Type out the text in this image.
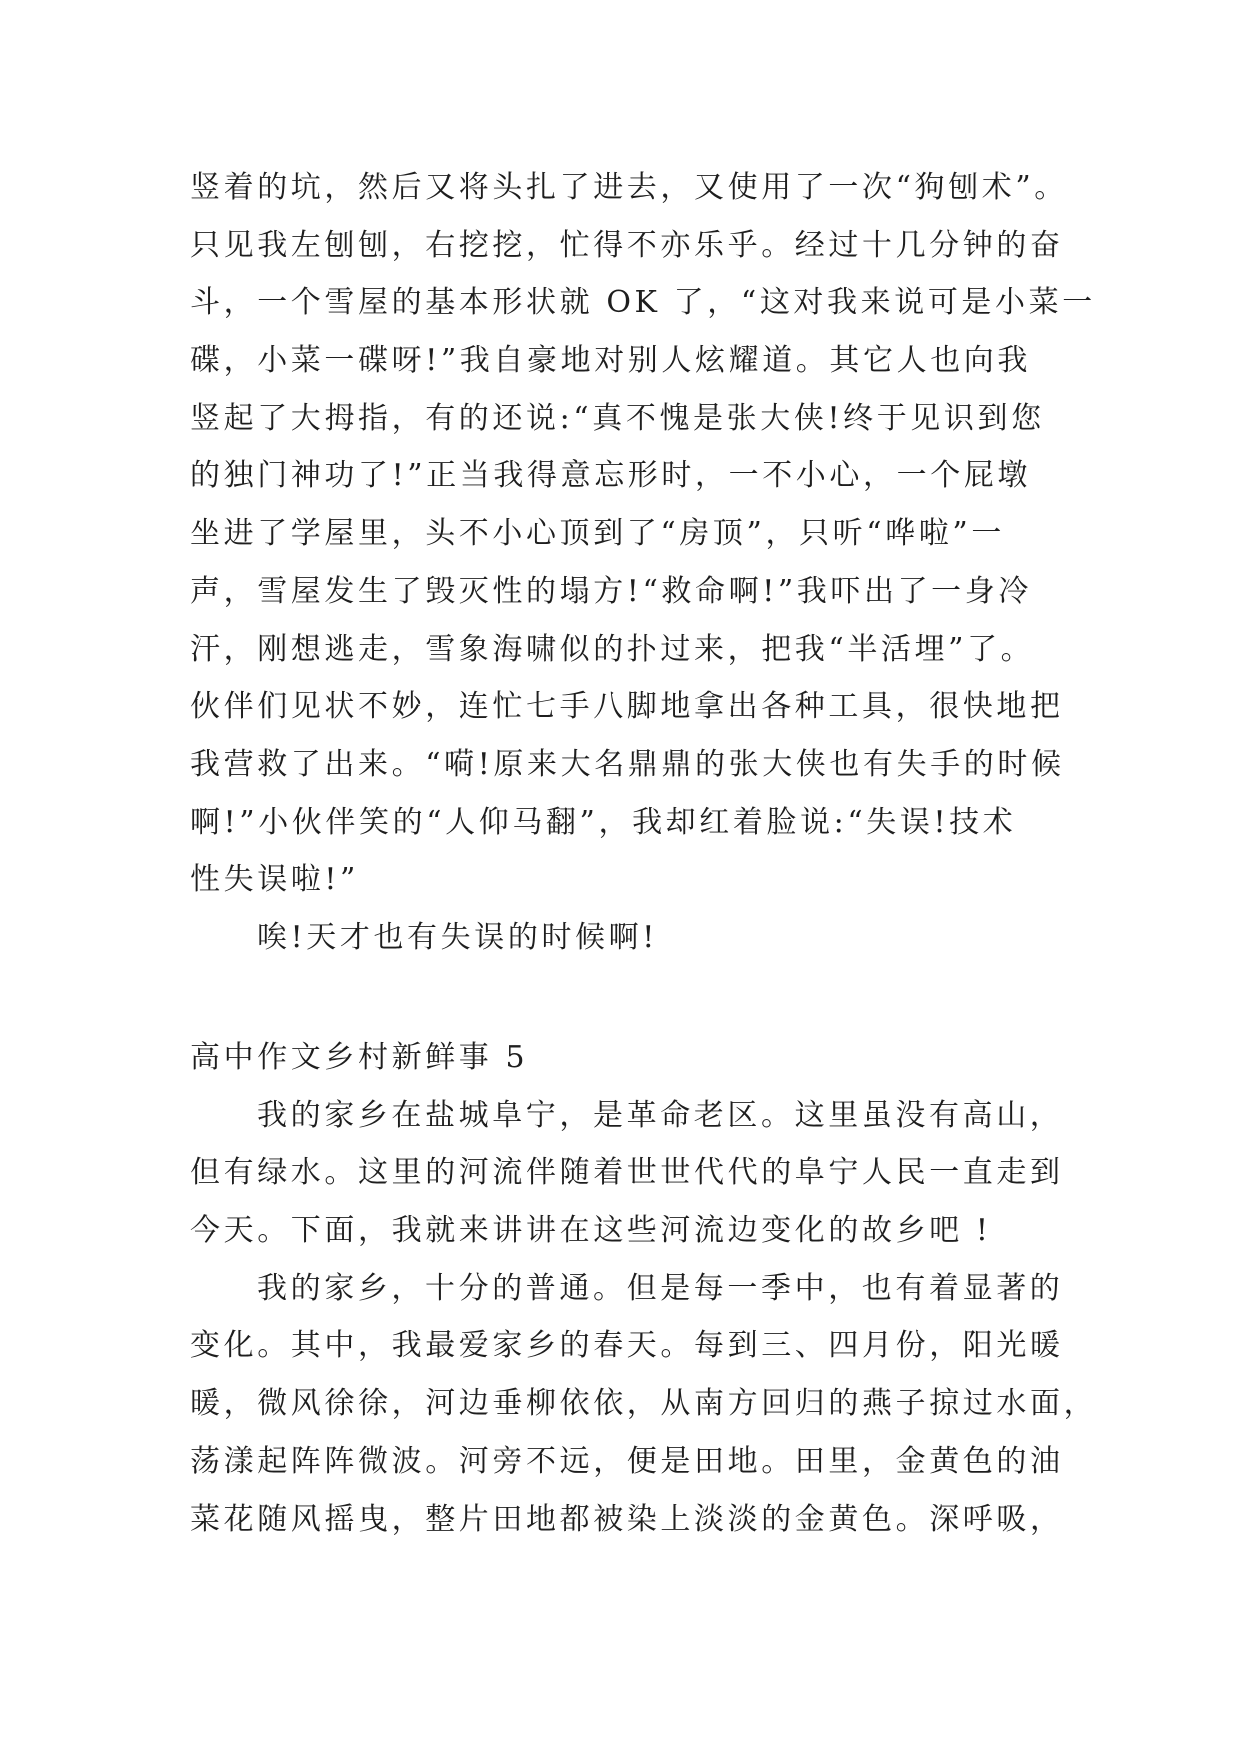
竖着的坑，然后又将头扎了进去，又使用了一次“狗刨术”。
只见我左刨刨，右挖挖，忙得不亦乐乎。经过十几分钟的奋
斗，一个雪屋的基本形状就 OK 了，“这对我来说可是小菜一
碟，小菜一碟呀!”我自豪地对别人炫耀道。其它人也向我
竖起了大拇指，有的还说:“真不愧是张大侠!终于见识到您
的独门神功了!”正当我得意忘形时，一不小心，一个屁墩
坐进了学屋里，头不小心顶到了“房顶”，只听“哗啦”一
声，雪屋发生了毁灭性的塌方!“救命啊!”我吓出了一身冷
汗，刚想逃走，雪象海啸似的扑过来，把我“半活埋”了。
伙伴们见状不妙，连忙七手八脚地拿出各种工具，很快地把
我营救了出来。“嗬!原来大名鼎鼎的张大侠也有失手的时候
啊!”小伙伴笑的“人仰马翻”，我却红着脸说:“失误!技术
性失误啦!”
唉!天才也有失误的时候啊!
高中作文乡村新鲜事 5
我的家乡在盐城阜宁，是革命老区。这里虽没有高山，
但有绿水。这里的河流伴随着世世代代的阜宁人民一直走到
今天。下面，我就来讲讲在这些河流边变化的故乡吧 !
我的家乡，十分的普通。但是每一季中，也有着显著的
变化。其中，我最爱家乡的春天。每到三、四月份，阳光暖
暖，微风徐徐，河边垂柳依依，从南方回归的燕子掠过水面，
荡漾起阵阵微波。河旁不远，便是田地。田里，金黄色的油
菜花随风摇曳，整片田地都被染上淡淡的金黄色。深呼吸，
